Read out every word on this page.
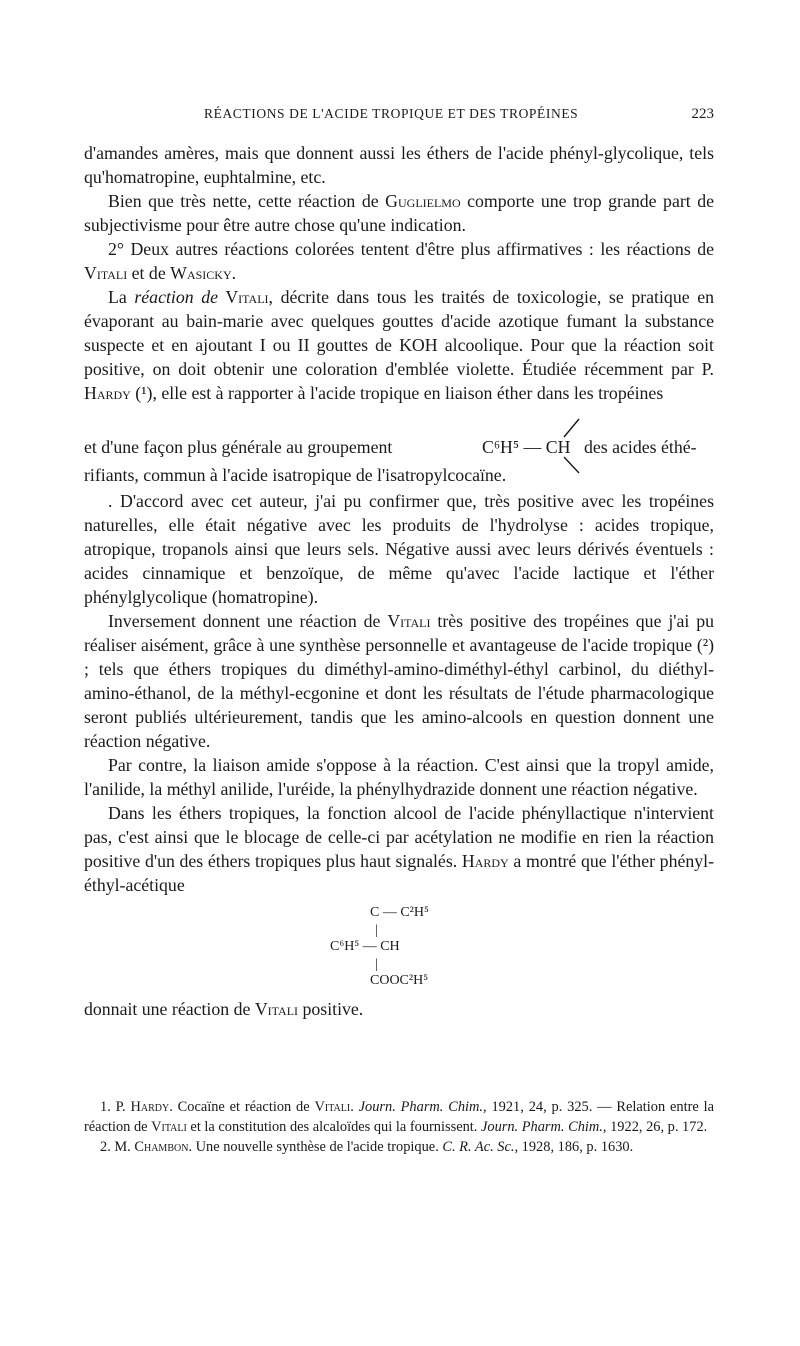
RÉACTIONS DE L'ACIDE TROPIQUE ET DES TROPÉINES	223

d'amandes amères, mais que donnent aussi les éthers de l'acide phényl-glycolique, tels qu'homatropine, euphtalmine, etc.

Bien que très nette, cette réaction de Guglielmo comporte une trop grande part de subjectivisme pour être autre chose qu'une indication.

2° Deux autres réactions colorées tentent d'être plus affirmatives : les réactions de Vitali et de Wasicky.

La réaction de Vitali, décrite dans tous les traités de toxicologie, se pratique en évaporant au bain-marie avec quelques gouttes d'acide azotique fumant la substance suspecte et en ajoutant I ou II gouttes de KOH alcoolique. Pour que la réaction soit positive, on doit obtenir une coloration d'emblée violette. Étudiée récemment par P. Hardy (¹), elle est à rapporter à l'acide tropique en liaison éther dans les tropéines

et d'une façon plus générale au groupement	C⁶H⁵ — CH des acides éthé-
rifiants, commun à l'acide isatropique de l'isatropylcocaïne.

. D'accord avec cet auteur, j'ai pu confirmer que, très positive avec les tropéines naturelles, elle était négative avec les produits de l'hydrolyse : acides tropique, atropique, tropanols ainsi que leurs sels. Négative aussi avec leurs dérivés éventuels : acides cinnamique et benzoïque, de même qu'avec l'acide lactique et l'éther phénylglycolique (homatropine).

Inversement donnent une réaction de Vitali très positive des tropéines que j'ai pu réaliser aisément, grâce à une synthèse personnelle et avantageuse de l'acide tropique (²) ; tels que éthers tropiques du diméthyl-amino-diméthyl-éthyl carbinol, du diéthyl-amino-éthanol, de la méthyl-ecgonine et dont les résultats de l'étude pharmacologique seront publiés ultérieurement, tandis que les amino-alcools en question donnent une réaction négative.

Par contre, la liaison amide s'oppose à la réaction. C'est ainsi que la tropyl amide, l'anilide, la méthyl anilide, l'uréide, la phénylhydrazide donnent une réaction négative.

Dans les éthers tropiques, la fonction alcool de l'acide phényllactique n'intervient pas, c'est ainsi que le blocage de celle-ci par acétylation ne modifie en rien la réaction positive d'un des éthers tropiques plus haut signalés. Hardy a montré que l'éther phényl-éthyl-acétique

C — C²H⁵
|
C⁶H⁵ — CH
|
COOC²H⁵

donnait une réaction de Vitali positive.

1. P. Hardy. Cocaïne et réaction de Vitali. Journ. Pharm. Chim., 1921, 24, p. 325. — Relation entre la réaction de Vitali et la constitution des alcaloïdes qui la fournissent. Journ. Pharm. Chim., 1922, 26, p. 172.

2. M. Chambon. Une nouvelle synthèse de l'acide tropique. C. R. Ac. Sc., 1928, 186, p. 1630.
